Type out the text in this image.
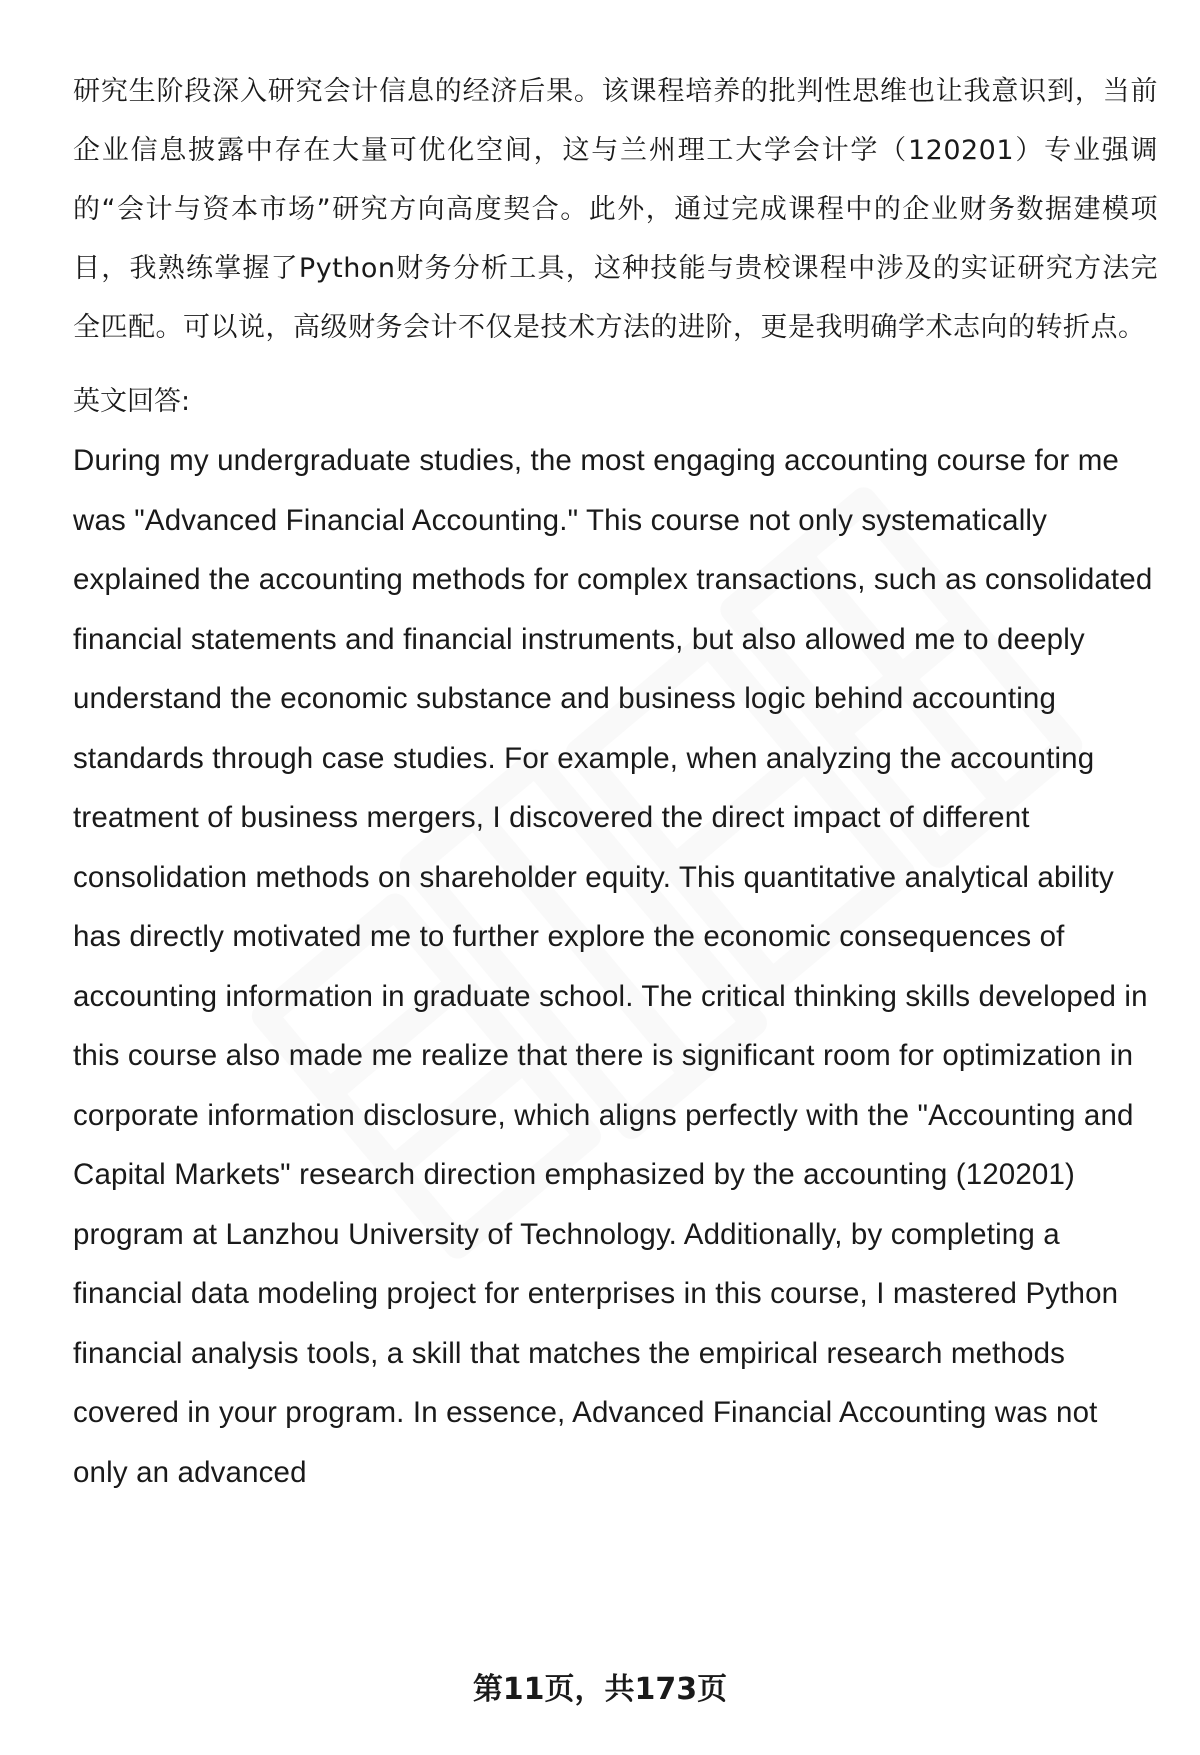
研究生阶段深入研究会计信息的经济后果。该课程培养的批判性思维也让我意识到，当前企业信息披露中存在大量可优化空间，这与兰州理工大学会计学（120201）专业强调的“会计与资本市场”研究方向高度契合。此外，通过完成课程中的企业财务数据建模项目，我熟练掌握了Python财务分析工具，这种技能与贵校课程中涉及的实证研究方法完全匹配。可以说，高级财务会计不仅是技术方法的进阶，更是我明确学术志向的转折点。

英文回答:

During my undergraduate studies, the most engaging accounting course for me was "Advanced Financial Accounting." This course not only systematically explained the accounting methods for complex transactions, such as consolidated financial statements and financial instruments, but also allowed me to deeply understand the economic substance and business logic behind accounting standards through case studies. For example, when analyzing the accounting treatment of business mergers, I discovered the direct impact of different consolidation methods on shareholder equity. This quantitative analytical ability has directly motivated me to further explore the economic consequences of accounting information in graduate school. The critical thinking skills developed in this course also made me realize that there is significant room for optimization in corporate information disclosure, which aligns perfectly with the "Accounting and Capital Markets" research direction emphasized by the accounting (120201) program at Lanzhou University of Technology. Additionally, by completing a financial data modeling project for enterprises in this course, I mastered Python financial analysis tools, a skill that matches the empirical research methods covered in your program. In essence, Advanced Financial Accounting was not only an advanced

第11页，共173页
